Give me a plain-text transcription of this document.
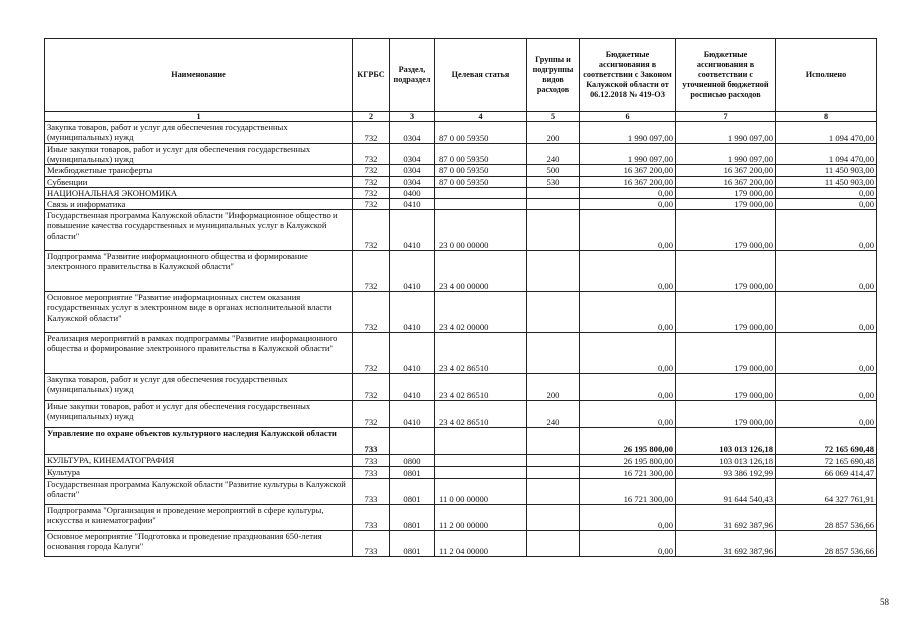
Наименование	КГРБС	Раздел, подраздел	Целевая статья	Группы и подгруппы видов расходов	Бюджетные ассигнования в соответствии с Законом Калужской области от 06.12.2018 № 419-ОЗ	Бюджетные ассигнования в соответствии с уточненной бюджетной росписью расходов	Исполнено
1	2	3	4	5	6	7	8
Закупка товаров, работ и услуг для обеспечения государственных (муниципальных) нужд	732	0304	87 0 00 59350	200	1 990 097,00	1 990 097,00	1 094 470,00
Иные закупки товаров, работ и услуг для обеспечения государственных (муниципальных) нужд	732	0304	87 0 00 59350	240	1 990 097,00	1 990 097,00	1 094 470,00
Межбюджетные трансферты	732	0304	87 0 00 59350	500	16 367 200,00	16 367 200,00	11 450 903,00
Субвенции	732	0304	87 0 00 59350	530	16 367 200,00	16 367 200,00	11 450 903,00
НАЦИОНАЛЬНАЯ ЭКОНОМИКА	732	0400			0,00	179 000,00	0,00
Связь и информатика	732	0410			0,00	179 000,00	0,00
Государственная программа Калужской области "Информационное общество и повышение качества государственных и муниципальных услуг в Калужской области"	732	0410	23 0 00 00000		0,00	179 000,00	0,00
Подпрограмма "Развитие информационного общества и формирование электронного правительства в Калужской области"	732	0410	23 4 00 00000		0,00	179 000,00	0,00
Основное мероприятие "Развитие информационных систем оказания государственных услуг в электронном виде в органах исполнительной власти Калужской области"	732	0410	23 4 02 00000		0,00	179 000,00	0,00
Реализация мероприятий в рамках подпрограммы "Развитие информационного общества и формирование электронного правительства в Калужской области"	732	0410	23 4 02 86510		0,00	179 000,00	0,00
Закупка товаров, работ и услуг для обеспечения государственных (муниципальных) нужд	732	0410	23 4 02 86510	200	0,00	179 000,00	0,00
Иные закупки товаров, работ и услуг для обеспечения государственных (муниципальных) нужд	732	0410	23 4 02 86510	240	0,00	179 000,00	0,00
Управление по охране объектов культурного наследия Калужской области	733				26 195 800,00	103 013 126,18	72 165 690,48
КУЛЬТУРА, КИНЕМАТОГРАФИЯ	733	0800			26 195 800,00	103 013 126,18	72 165 690,48
Культура	733	0801			16 721 300,00	93 386 192,99	66 069 414,47
Государственная программа Калужской области "Развитие культуры в Калужской области"	733	0801	11 0 00 00000		16 721 300,00	91 644 540,43	64 327 761,91
Подпрограмма "Организация и проведение мероприятий в сфере культуры, искусства и кинематографии"	733	0801	11 2 00 00000		0,00	31 692 387,96	28 857 536,66
Основное мероприятие "Подготовка и проведение празднования 650-летия основания города Калуги"	733	0801	11 2 04 00000		0,00	31 692 387,96	28 857 536,66
58
